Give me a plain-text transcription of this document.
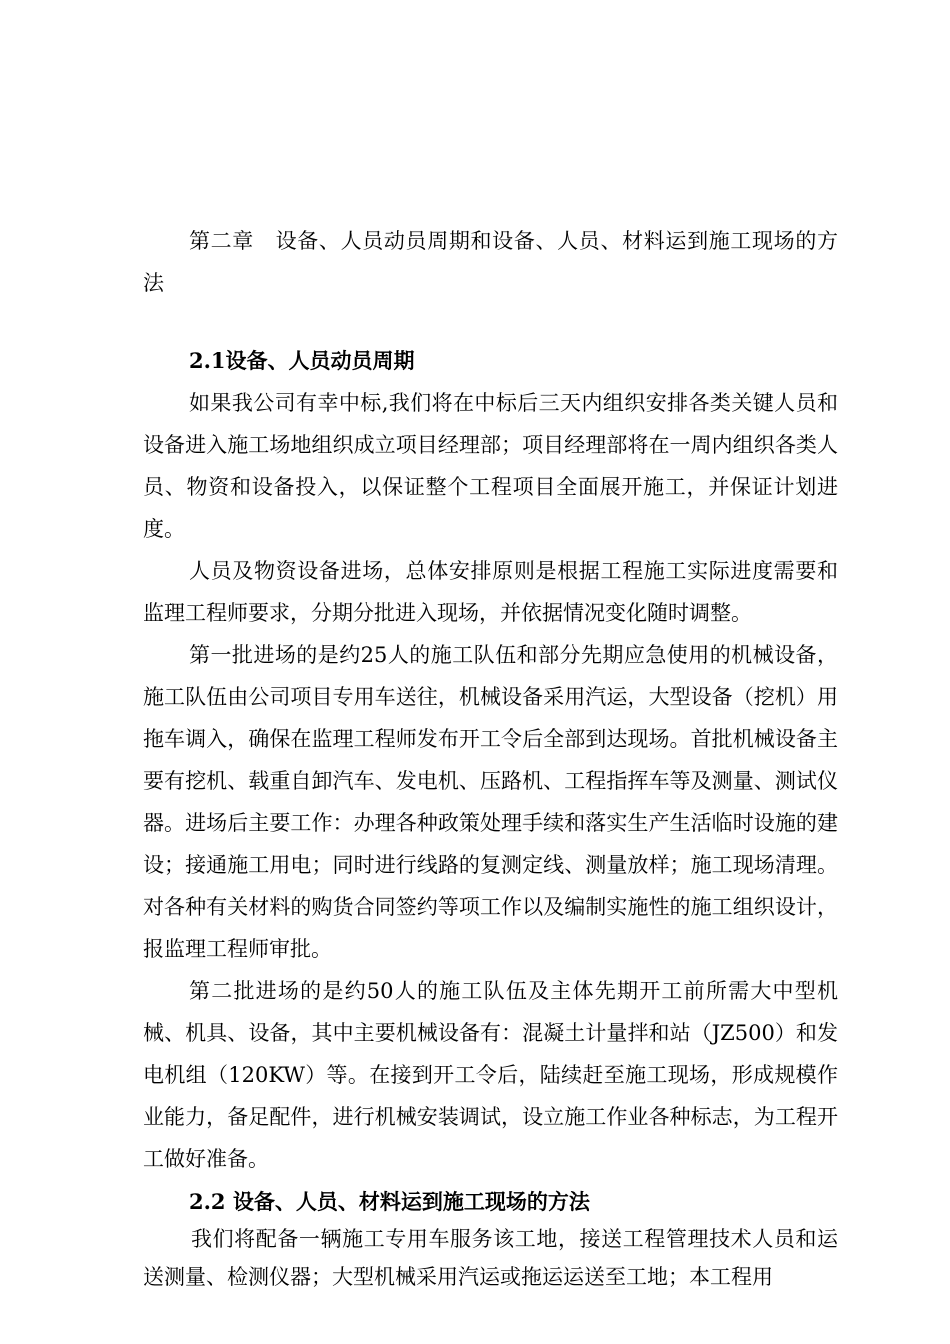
第二章　设备、人员动员周期和设备、人员、材料运到施工现场的方法

2.1设备、人员动员周期

如果我公司有幸中标,我们将在中标后三天内组织安排各类关键人员和设备进入施工场地组织成立项目经理部；项目经理部将在一周内组织各类人员、物资和设备投入，以保证整个工程项目全面展开施工，并保证计划进度。

人员及物资设备进场，总体安排原则是根据工程施工实际进度需要和监理工程师要求，分期分批进入现场，并依据情况变化随时调整。

第一批进场的是约25人的施工队伍和部分先期应急使用的机械设备，施工队伍由公司项目专用车送往，机械设备采用汽运，大型设备（挖机）用拖车调入，确保在监理工程师发布开工令后全部到达现场。首批机械设备主要有挖机、载重自卸汽车、发电机、压路机、工程指挥车等及测量、测试仪器。进场后主要工作：办理各种政策处理手续和落实生产生活临时设施的建设；接通施工用电；同时进行线路的复测定线、测量放样；施工现场清理。对各种有关材料的购货合同签约等项工作以及编制实施性的施工组织设计，报监理工程师审批。

第二批进场的是约50人的施工队伍及主体先期开工前所需大中型机械、机具、设备，其中主要机械设备有：混凝土计量拌和站（JZ500）和发电机组（120KW）等。在接到开工令后，陆续赶至施工现场，形成规模作业能力，备足配件，进行机械安装调试，设立施工作业各种标志，为工程开工做好准备。

2.2 设备、人员、材料运到施工现场的方法

我们将配备一辆施工专用车服务该工地，接送工程管理技术人员和运送测量、检测仪器；大型机械采用汽运或拖运运送至工地；本工程用
